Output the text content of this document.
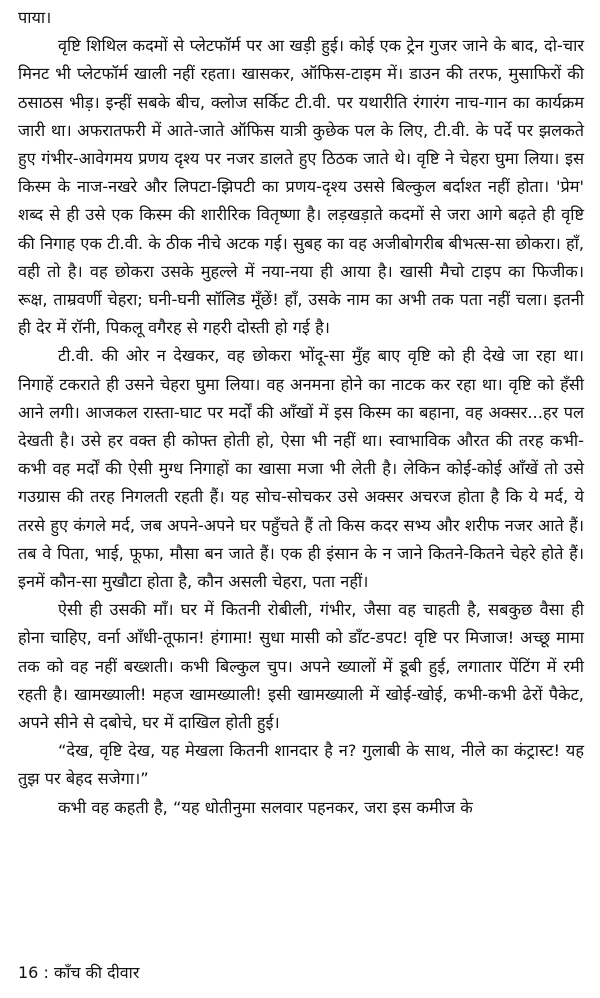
पाया।

वृष्टि शिथिल कदमों से प्लेटफॉर्म पर आ खड़ी हुई। कोई एक ट्रेन गुजर जाने के बाद, दो-चार मिनट भी प्लेटफॉर्म खाली नहीं रहता। खासकर, ऑफिस-टाइम में। डाउन की तरफ, मुसाफिरों की ठसाठस भीड़। इन्हीं सबके बीच, क्लोज सर्किट टी.वी. पर यथारीति रंगारंग नाच-गान का कार्यक्रम जारी था। अफरातफरी में आते-जाते ऑफिस यात्री कुछेक पल के लिए, टी.वी. के पर्दे पर झलकते हुए गंभीर-आवेगमय प्रणय दृश्य पर नजर डालते हुए ठिठक जाते थे। वृष्टि ने चेहरा घुमा लिया। इस किस्म के नाज-नखरे और लिपटा-झिपटी का प्रणय-दृश्य उससे बिल्कुल बर्दाश्त नहीं होता। 'प्रेम' शब्द से ही उसे एक किस्म की शारीरिक वितृष्णा है। लड़खड़ाते कदमों से जरा आगे बढ़ते ही वृष्टि की निगाह एक टी.वी. के ठीक नीचे अटक गई। सुबह का वह अजीबोगरीब बीभत्स-सा छोकरा। हाँ, वही तो है। वह छोकरा उसके मुहल्ले में नया-नया ही आया है। खासी मैचो टाइप का फिजीक। रूक्ष, ताम्रवर्णी चेहरा; घनी-घनी सॉलिड मूँछें! हाँ, उसके नाम का अभी तक पता नहीं चला। इतनी ही देर में रॉनी, पिकलू वगैरह से गहरी दोस्ती हो गई है।

टी.वी. की ओर न देखकर, वह छोकरा भोंदू-सा मुँह बाए वृष्टि को ही देखे जा रहा था। निगाहें टकराते ही उसने चेहरा घुमा लिया। वह अनमना होने का नाटक कर रहा था। वृष्टि को हँसी आने लगी। आजकल रास्ता-घाट पर मर्दों की आँखों में इस किस्म का बहाना, वह अक्सर...हर पल देखती है। उसे हर वक्त ही कोफ्त होती हो, ऐसा भी नहीं था। स्वाभाविक औरत की तरह कभी-कभी वह मर्दों की ऐसी मुग्ध निगाहों का खासा मजा भी लेती है। लेकिन कोई-कोई आँखें तो उसे गउग्रास की तरह निगलती रहती हैं। यह सोच-सोचकर उसे अक्सर अचरज होता है कि ये मर्द, ये तरसे हुए कंगले मर्द, जब अपने-अपने घर पहुँचते हैं तो किस कदर सभ्य और शरीफ नजर आते हैं। तब वे पिता, भाई, फूफा, मौसा बन जाते हैं। एक ही इंसान के न जाने कितने-कितने चेहरे होते हैं। इनमें कौन-सा मुखौटा होता है, कौन असली चेहरा, पता नहीं।

ऐसी ही उसकी माँ। घर में कितनी रोबीली, गंभीर, जैसा वह चाहती है, सबकुछ वैसा ही होना चाहिए, वर्ना आँधी-तूफान! हंगामा! सुधा मासी को डाँट-डपट! वृष्टि पर मिजाज! अच्छू मामा तक को वह नहीं बख्शती। कभी बिल्कुल चुप। अपने ख्यालों में डूबी हुई, लगातार पेंटिंग में रमी रहती है। खामख्याली! महज खामख्याली! इसी खामख्याली में खोई-खोई, कभी-कभी ढेरों पैकेट, अपने सीने से दबोचे, घर में दाखिल होती हुई।

“देख, वृष्टि देख, यह मेखला कितनी शानदार है न? गुलाबी के साथ, नीले का कंट्रास्ट! यह तुझ पर बेहद सजेगा।”

कभी वह कहती है, “यह धोतीनुमा सलवार पहनकर, जरा इस कमीज के

16 : काँच की दीवार
